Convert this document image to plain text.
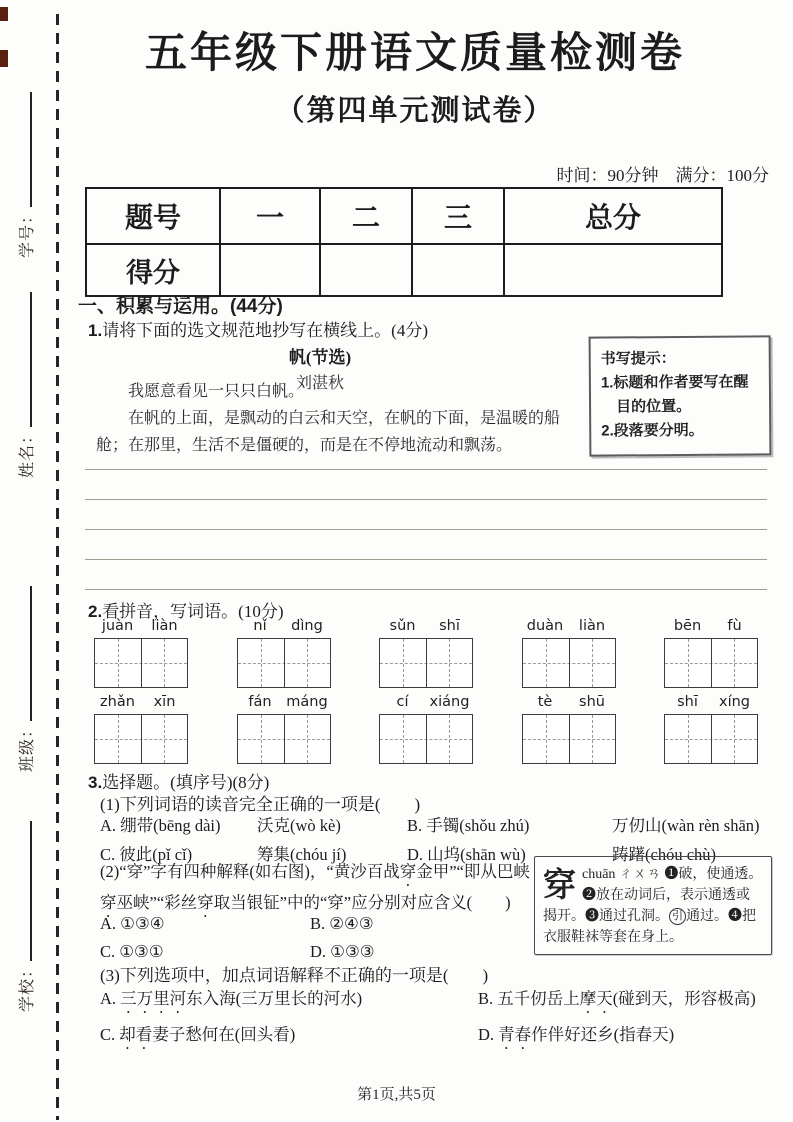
学号：
姓名：
班级：
学校：
五年级下册语文质量检测卷
（第四单元测试卷）
时间：90分钟　满分：100分
题号	一	二	三	总分
得分				
一、积累与运用。(44分)
1.请将下面的选文规范地抄写在横线上。(4分)
帆(节选)
刘湛秋

我愿意看见一只只白帆。

在帆的上面，是飘动的白云和天空，在帆的下面，是温暖的船舱；在那里，生活不是僵硬的，而是在不停地流动和飘荡。

书写提示：

1.标题和作者要写在醒目的位置。

2.段落要分明。

2.看拼音，写词语。(10分)
juàn	liàn	nǐ	dìng	sǔn	shī	duàn	liàn	bēn	fù
zhǎn	xīn	fán	máng	cí	xiáng	tè	shū	shī	xíng
3.选择题。(填序号)(8分)
(1)下列词语的读音完全正确的一项是(　　)
A. 绷带(bēng dài)	沃克(wò kè)	B. 手镯(shǒu zhú)	万仞山(wàn rèn shān)
C. 彼此(pǐ cǐ)	筹集(chóu jí)	D. 山坞(shān wù)	踌躇(chóu chù)
(2)“穿”字有四种解释(如右图)，“黄沙百战穿金甲”“即从巴峡穿巫峡”“彩丝穿取当银钲”中的“穿”应分别对应含义(　　) 穿chuān ㄔㄨㄢ ❶破，使通透。❷放在动词后，表示通透或揭开。❸通过孔洞。 引 通过。❹把衣服鞋袜等套在身上。
A. ①③④	B. ②④③
C. ①③①	D. ①③③
(3)下列选项中，加点词语解释不正确的一项是(　　)
A. 三万里河东入海(三万里长的河水)	B. 五千仞岳上摩天(碰到天，形容极高)
C. 却看妻子愁何在(回头看)	D. 青春作伴好还乡(指春天)
第1页,共5页
